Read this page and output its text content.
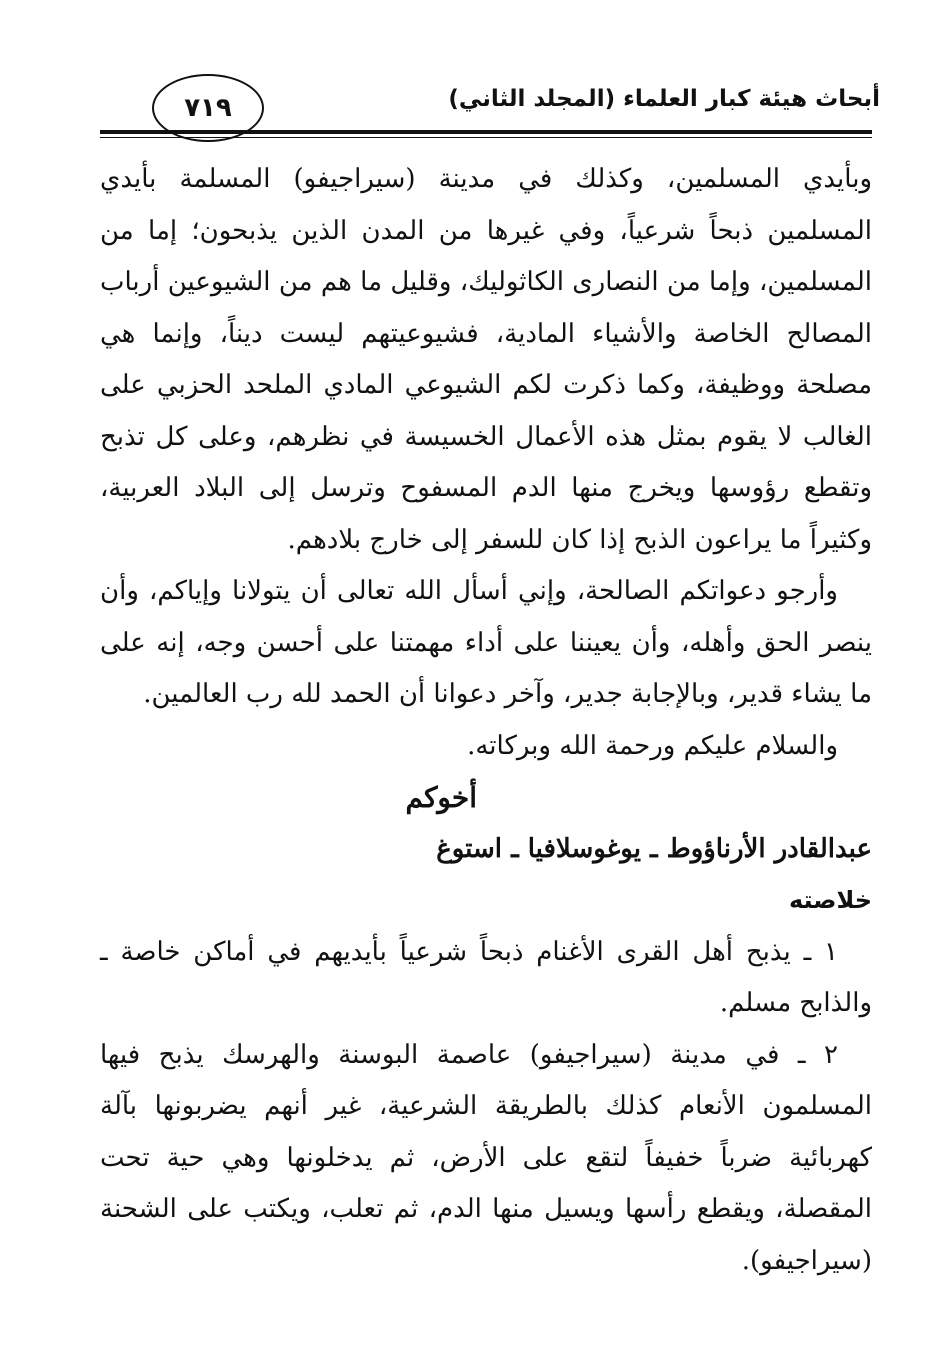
أبحاث هيئة كبار العلماء (المجلد الثاني)
٧١٩

وبأيدي المسلمين، وكذلك في مدينة (سيراجيفو) المسلمة بأيدي المسلمين ذبحاً شرعياً، وفي غيرها من المدن الذين يذبحون؛ إما من المسلمين، وإما من النصارى الكاثوليك، وقليل ما هم من الشيوعين أرباب المصالح الخاصة والأشياء المادية، فشيوعيتهم ليست ديناً، وإنما هي مصلحة ووظيفة، وكما ذكرت لكم الشيوعي المادي الملحد الحزبي على الغالب لا يقوم بمثل هذه الأعمال الخسيسة في نظرهم، وعلى كل تذبح وتقطع رؤوسها ويخرج منها الدم المسفوح وترسل إلى البلاد العربية، وكثيراً ما يراعون الذبح إذا كان للسفر إلى خارج بلادهم.

وأرجو دعواتكم الصالحة، وإني أسأل الله تعالى أن يتولانا وإياكم، وأن ينصر الحق وأهله، وأن يعيننا على أداء مهمتنا على أحسن وجه، إنه على ما يشاء قدير، وبالإجابة جدير، وآخر دعوانا أن الحمد لله رب العالمين.

والسلام عليكم ورحمة الله وبركاته.

أخوكم

عبدالقادر الأرناؤوط ـ يوغوسلافيا ـ استوغ

خلاصته

١ ـ يذبح أهل القرى الأغنام ذبحاً شرعياً بأيديهم في أماكن خاصة ـ والذابح مسلم.

٢ ـ في مدينة (سيراجيفو) عاصمة البوسنة والهرسك يذبح فيها المسلمون الأنعام كذلك بالطريقة الشرعية، غير أنهم يضربونها بآلة كهربائية ضرباً خفيفاً لتقع على الأرض، ثم يدخلونها وهي حية تحت المقصلة، ويقطع رأسها ويسيل منها الدم، ثم تعلب، ويكتب على الشحنة (سيراجيفو).
